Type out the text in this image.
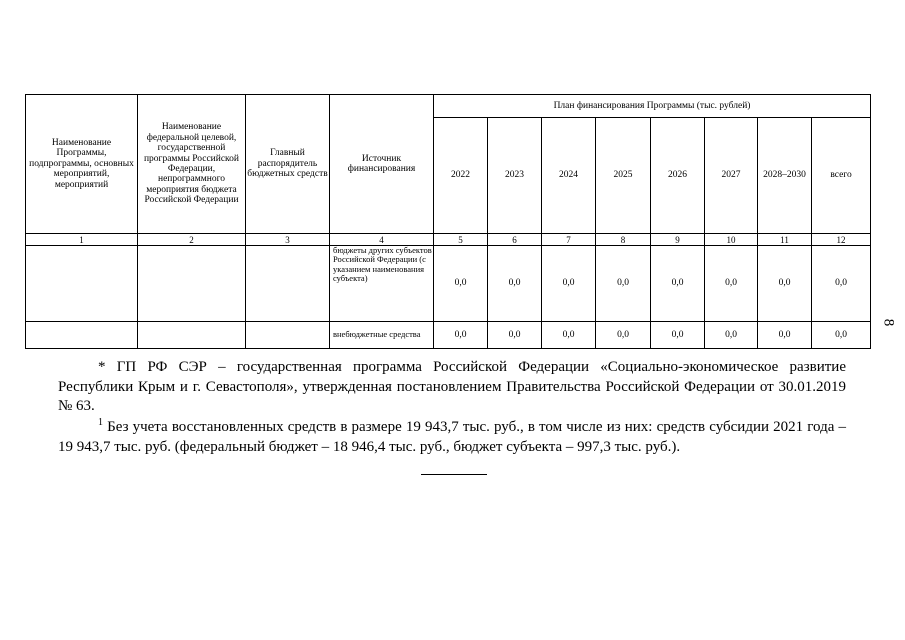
Наименование Программы, подпрограммы, основных мероприятий, мероприятий	Наименование федеральной целевой, государственной программы Российской Федерации, непрограммного мероприятия бюджета Российской Федерации	Главный распорядитель бюджетных средств	Источник финансирования	План финансирования Программы (тыс. рублей)							
				2022	2023	2024	2025	2026	2027	2028–2030	всего
1	2	3	4	5	6	7	8	9	10	11	12
			бюджеты других субъектов Российской Федерации (с указанием наименования субъекта)	0,0	0,0	0,0	0,0	0,0	0,0	0,0	0,0
			внебюджетные средства	0,0	0,0	0,0	0,0	0,0	0,0	0,0	0,0
8

* ГП РФ СЭР – государственная программа Российской Федерации «Социально-экономическое развитие Республики Крым и г. Севастополя», утвержденная постановлением Правительства Российской Федерации от 30.01.2019 № 63.

$^1$ Без учета восстановленных средств в размере 19 943,7 тыс. руб., в том числе из них: средств субсидии 2021 года – 19 943,7 тыс. руб. (федеральный бюджет – 18 946,4 тыс. руб., бюджет субъекта – 997,3 тыс. руб.).
